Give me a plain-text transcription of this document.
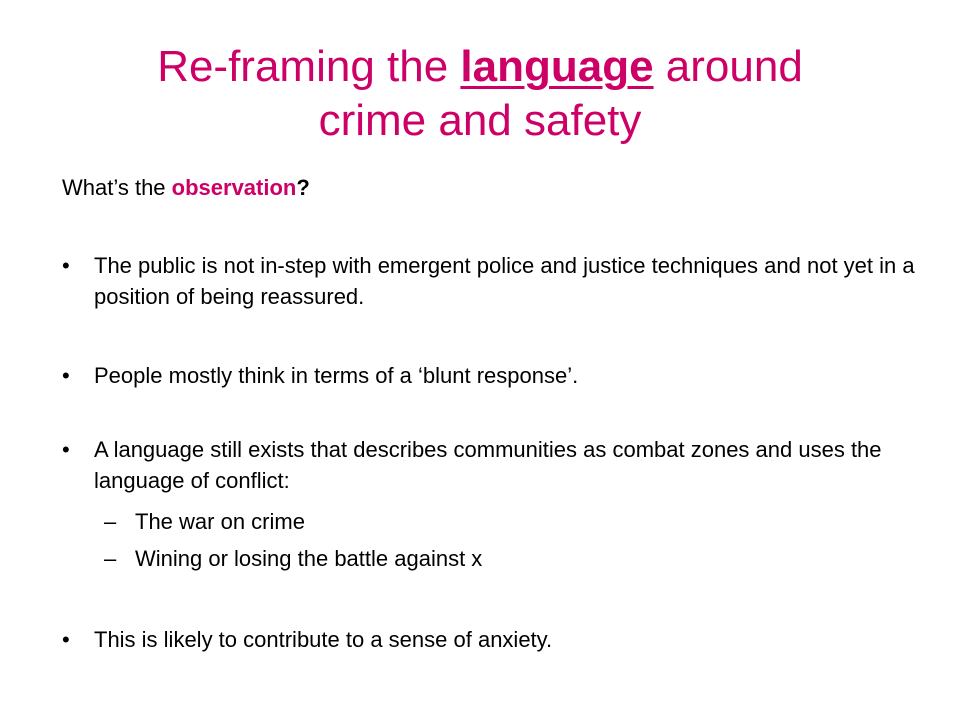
Re-framing the language around
crime and safety
What’s the observation?
•	The public is not in-step with emergent police and justice techniques and not yet in a position of being reassured.
•	People mostly think in terms of a ‘blunt response’.
•	A language still exists that describes communities as combat zones and uses the language of conflict:
– The war on crime
– Wining or losing the battle against x
•	This is likely to contribute to a sense of anxiety.
